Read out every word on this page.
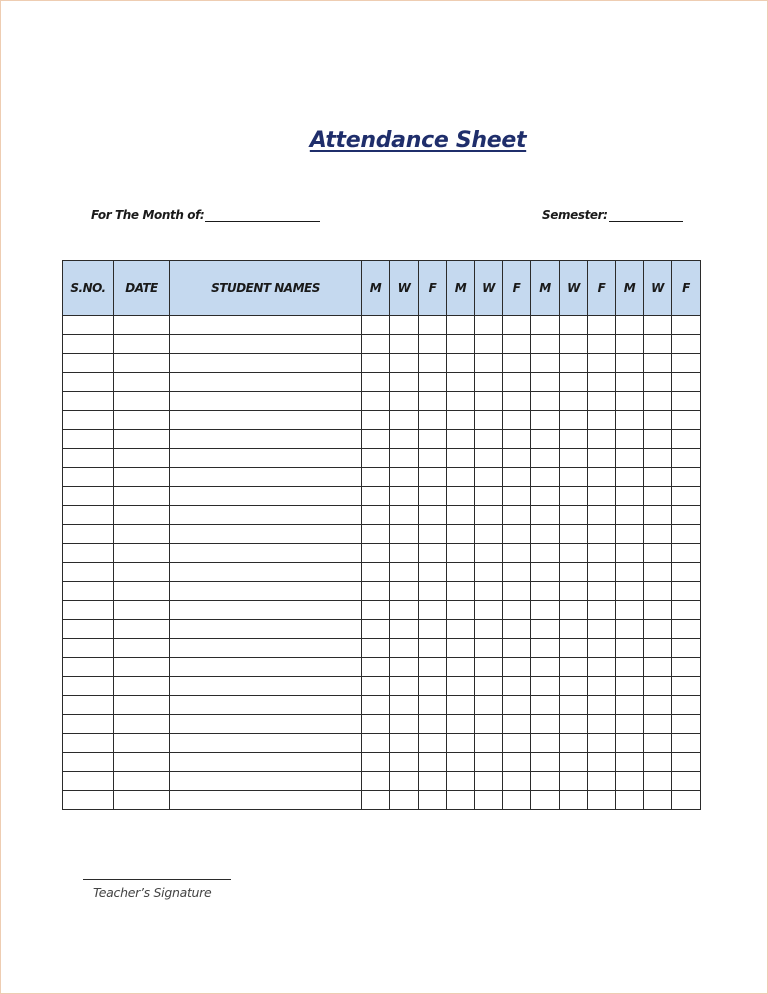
Attendance Sheet
For The Month of:	Semester:
S.NO.	DATE	STUDENT NAMES	M	W	F	M	W	F	M	W	F	M	W	F

Teacher’s Signature
